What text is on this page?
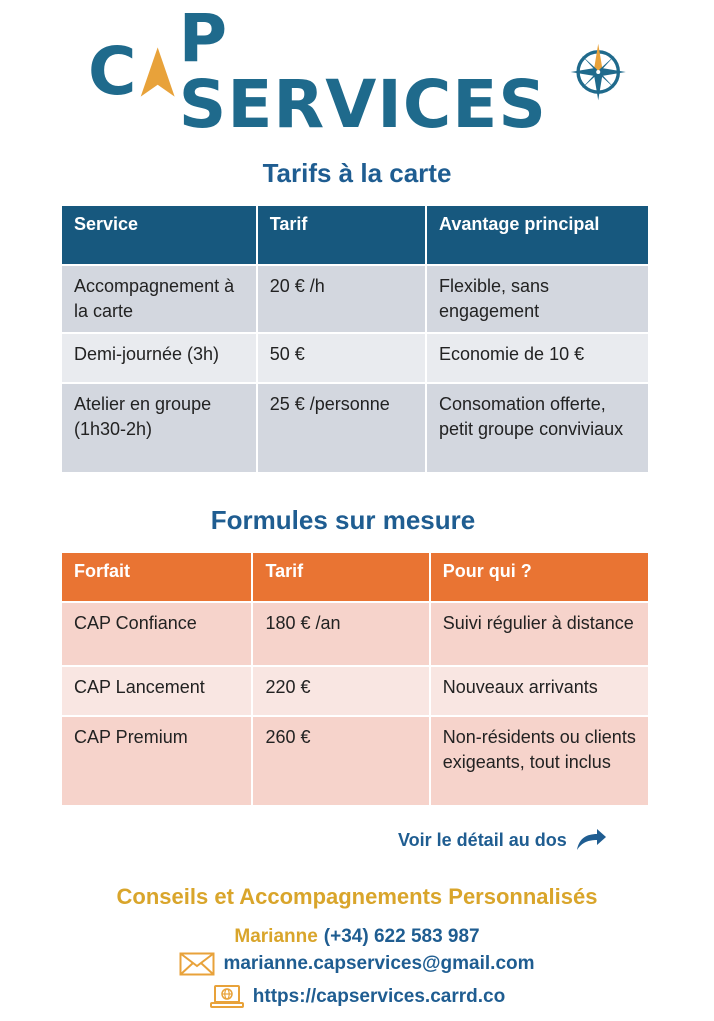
C P SERVICES
Tarifs à la carte
Service	Tarif	Avantage principal
Accompagnement à la carte	20 € /h	Flexible, sans engagement
Demi-journée (3h)	50 €	Economie de 10 €
Atelier en groupe (1h30-2h)	25 € /personne	Consomation offerte, petit groupe conviviaux
Formules sur mesure
Forfait	Tarif	Pour qui ?
CAP Confiance	180 € /an	Suivi régulier à distance
CAP Lancement	220 €	Nouveaux arrivants
CAP Premium	260 €	Non-résidents ou clients exigeants, tout inclus
Voir le détail au dos
Conseils et Accompagnements Personnalisés
Marianne (+34) 622 583 987
marianne.capservices@gmail.com
https://capservices.carrd.co
